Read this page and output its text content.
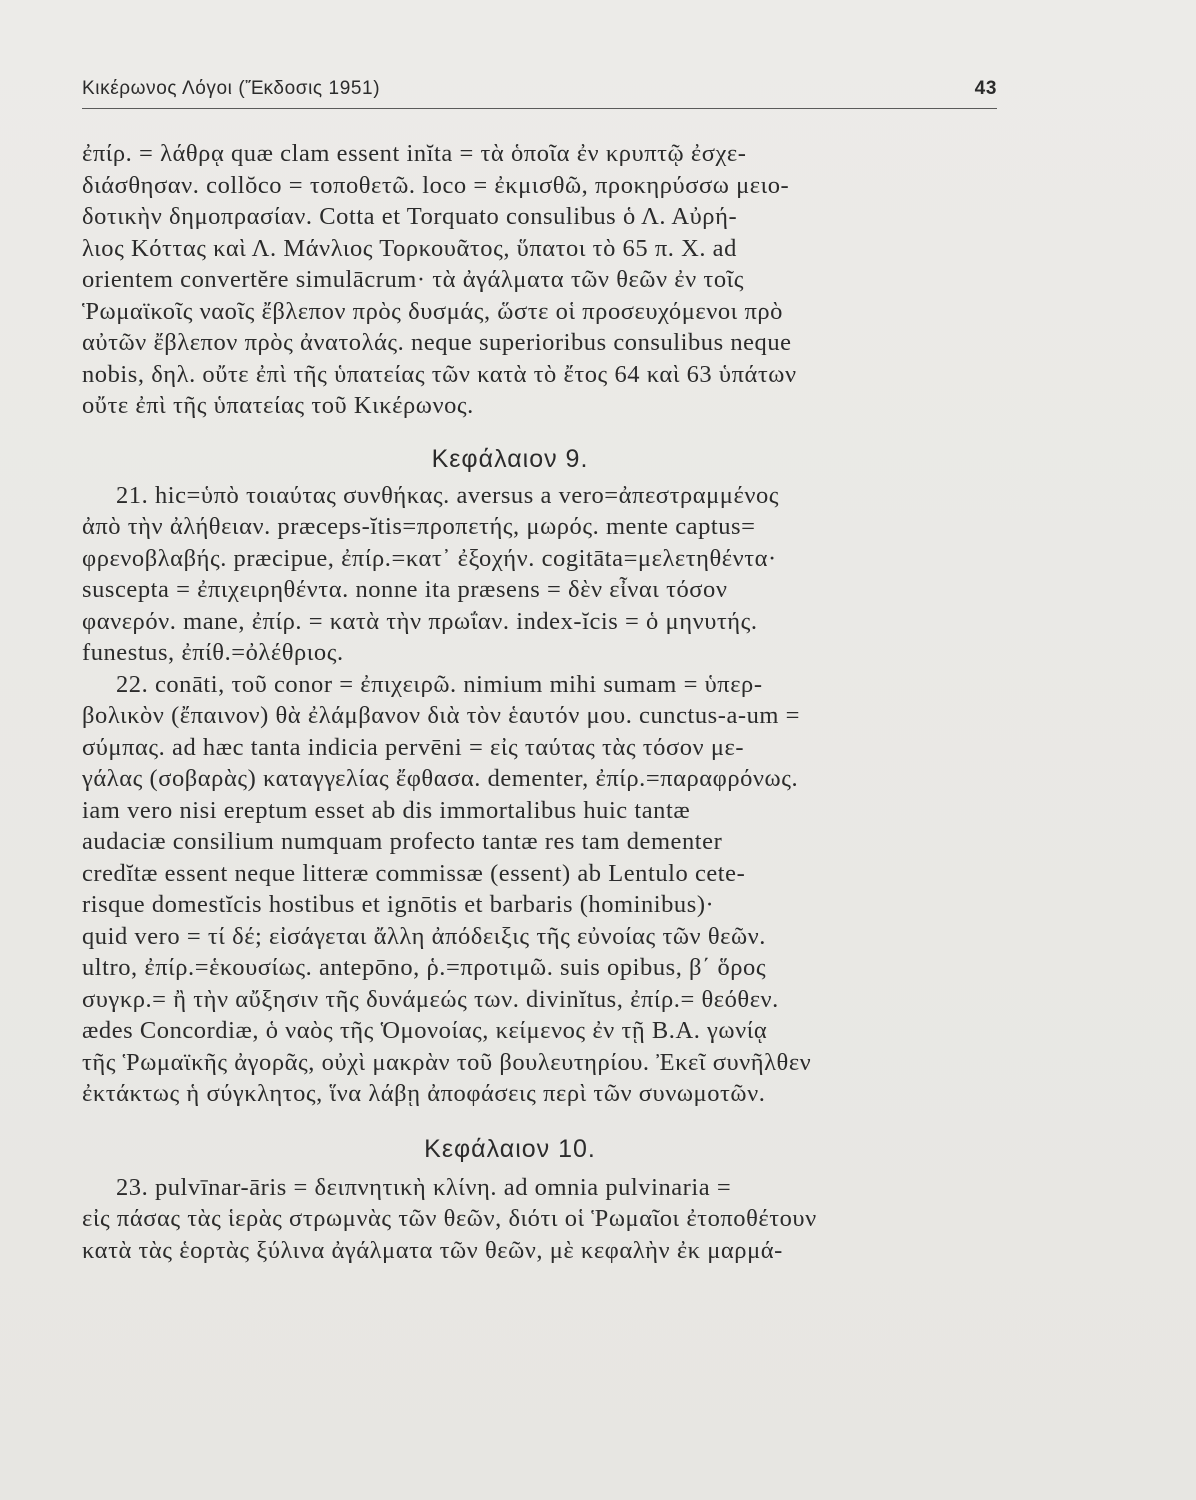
Κικέρωνος Λόγοι (Ἔκδοσις 1951)	43
ἐπίρ. = λάθρᾳ quæ clam essent inĭta = τὰ ὁποῖα ἐν κρυπτῷ ἐσχε-
διάσθησαν. collŏco = τοποθετῶ. loco = ἐκμισθῶ, προκηρύσσω μειο-
δοτικὴν δημοπρασίαν. Cotta et Torquato consulibus ὁ Λ. Αὐρή-
λιος Κόττας καὶ Λ. Μάνλιος Τορκουᾶτος, ὕπατοι τὸ 65 π. Χ. ad
orientem convertĕre simulācrum· τὰ ἀγάλματα τῶν θεῶν ἐν τοῖς
Ῥωμαϊκοῖς ναοῖς ἔβλεπον πρὸς δυσμάς, ὥστε οἱ προσευχόμενοι πρὸ
αὐτῶν ἔβλεπον πρὸς ἀνατολάς. neque superioribus consulibus neque
nobis, δηλ. οὔτε ἐπὶ τῆς ὑπατείας τῶν κατὰ τὸ ἔτος 64 καὶ 63 ὑπάτων
οὔτε ἐπὶ τῆς ὑπατείας τοῦ Κικέρωνος.
Κεφάλαιον 9.
21. hic=ὑπὸ τοιαύτας συνθήκας. aversus a vero=ἀπεστραμμένος
ἀπὸ τὴν ἀλήθειαν. præceps-ĭtis=προπετής, μωρός. mente captus=
φρενοβλαβής. præcipue, ἐπίρ.=κατ᾿ ἐξοχήν. cogitāta=μελετηθέντα·
suscepta = ἐπιχειρηθέντα. nonne ita præsens = δὲν εἶναι τόσον
φανερόν. mane, ἐπίρ. = κατὰ τὴν πρωΐαν. index-ĭcis = ὁ μηνυτής.
funestus, ἐπίθ.=ὀλέθριος.
22. conāti, τοῦ conor = ἐπιχειρῶ. nimium mihi sumam = ὑπερ-
βολικὸν (ἔπαινον) θὰ ἐλάμβανον διὰ τὸν ἑαυτόν μου. cunctus-a-um =
σύμπας. ad hæc tanta indicia pervēni = εἰς ταύτας τὰς τόσον με-
γάλας (σοβαρὰς) καταγγελίας ἔφθασα. dementer, ἐπίρ.=παραφρόνως.
iam vero nisi ereptum esset ab dis immortalibus huic tantæ
audaciæ consilium numquam profecto tantæ res tam dementer
credĭtæ essent neque litteræ commissæ (essent) ab Lentulo cete-
risque domestĭcis hostibus et ignōtis et barbaris (hominibus)·
quid vero = τί δέ; εἰσάγεται ἄλλη ἀπόδειξις τῆς εὐνοίας τῶν θεῶν.
ultro, ἐπίρ.=ἑκουσίως. antepōno, ῥ.=προτιμῶ. suis opibus, β΄ ὅρος
συγκρ.= ἢ τὴν αὔξησιν τῆς δυνάμεώς των. divinĭtus, ἐπίρ.= θεόθεν.
ædes Concordiæ, ὁ ναὸς τῆς Ὁμονοίας, κείμενος ἐν τῇ Β.Α. γωνίᾳ
τῆς Ῥωμαϊκῆς ἀγορᾶς, οὐχὶ μακρὰν τοῦ βουλευτηρίου. Ἐκεῖ συνῆλθεν
ἐκτάκτως ἡ σύγκλητος, ἵνα λάβῃ ἀποφάσεις περὶ τῶν συνωμοτῶν.
Κεφάλαιον 10.
23. pulvīnar-āris = δειπνητικὴ κλίνη. ad omnia pulvinaria =
εἰς πάσας τὰς ἱερὰς στρωμνὰς τῶν θεῶν, διότι οἱ Ῥωμαῖοι ἐτοποθέτουν
κατὰ τὰς ἑορτὰς ξύλινα ἀγάλματα τῶν θεῶν, μὲ κεφαλὴν ἐκ μαρμά-
